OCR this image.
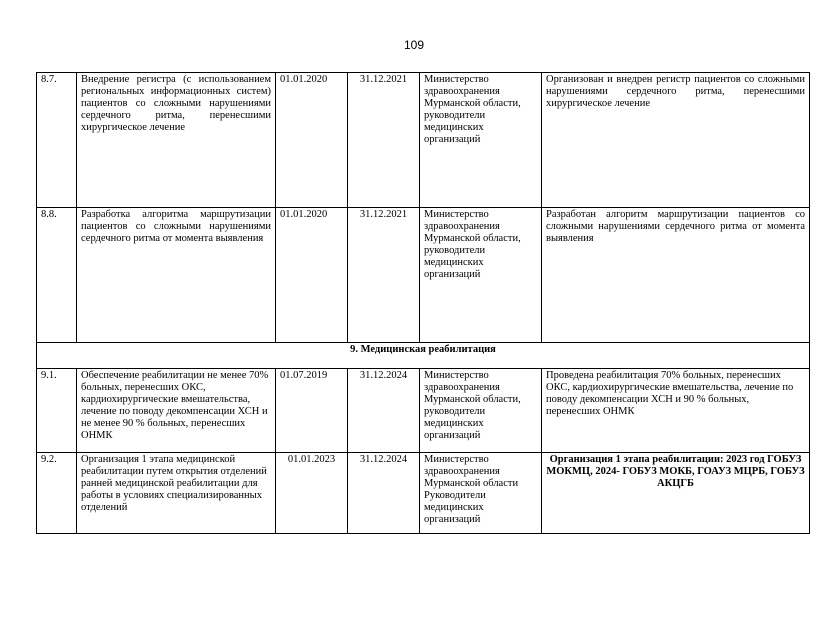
109
8.7.	Внедрение регистра (с использованием региональных информационных систем) пациентов со сложными нарушениями сердечного ритма, перенесшими хирургическое лечение	01.01.2020	31.12.2021	Министерство здравоохранения Мурманской области, руководители медицинских организаций	Организован и внедрен регистр пациентов со сложными нарушениями сердечного ритма, перенесшими хирургическое лечение
8.8.	Разработка алгоритма маршрутизации пациентов со сложными нарушениями сердечного ритма от момента выявления	01.01.2020	31.12.2021	Министерство здравоохранения Мурманской области, руководители медицинских организаций	Разработан алгоритм маршрутизации пациентов со сложными нарушениями сердечного ритма от момента выявления
9. Медицинская реабилитация					
9.1.	Обеспечение реабилитации не менее 70% больных, перенесших ОКС, кардиохирургические вмешательства, лечение по поводу декомпенсации ХСН и не менее 90 % больных, перенесших ОНМК	01.07.2019	31.12.2024	Министерство здравоохранения Мурманской области, руководители медицинских организаций	Проведена реабилитация 70% больных, перенесших ОКС, кардиохирургические вмешательства, лечение по поводу декомпенсации ХСН и 90 % больных, перенесших ОНМК
9.2.	Организация 1 этапа медицинской реабилитации путем открытия отделений ранней медицинской реабилитации для работы в условиях специализированных отделений	01.01.2023	31.12.2024	Министерство здравоохранения Мурманской области Руководители медицинских организаций	Организация 1 этапа реабилитации: 2023 год ГОБУЗ МОКМЦ, 2024- ГОБУЗ МОКБ, ГОАУЗ МЦРБ, ГОБУЗ АКЦГБ
